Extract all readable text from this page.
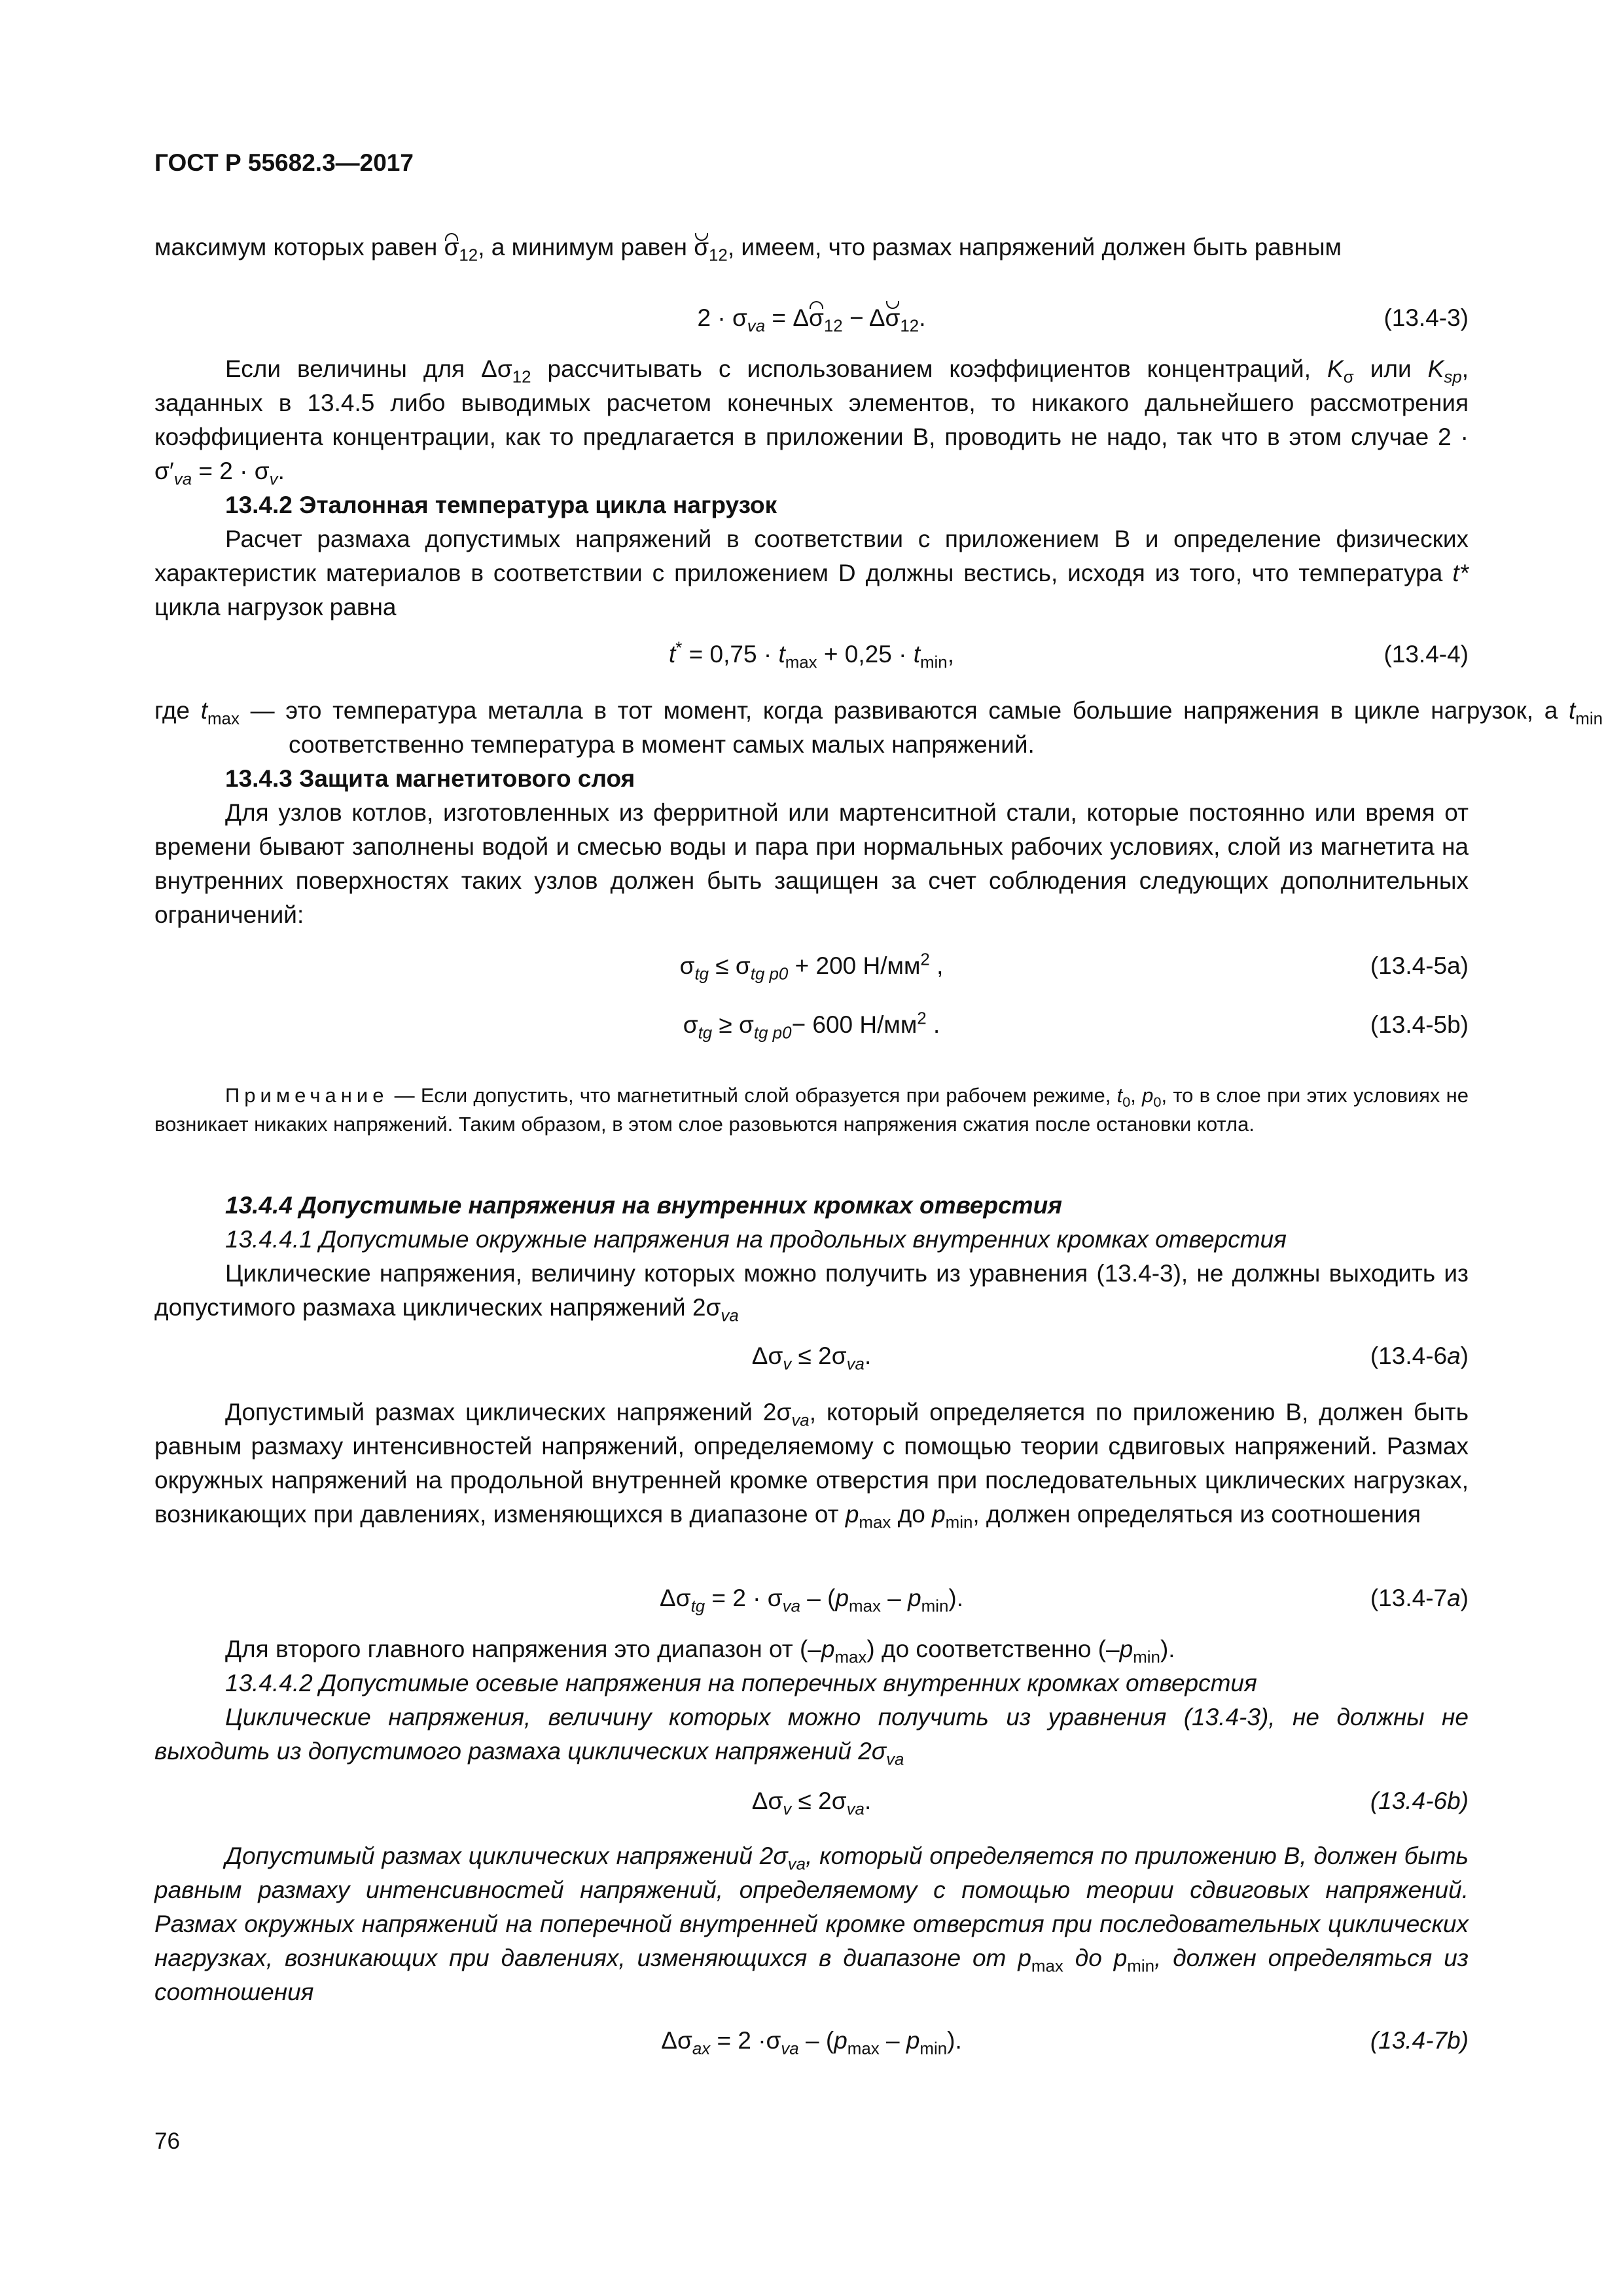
ГОСТ Р 55682.3—2017

максимум которых равен $\sigma_{12}$, а минимум равен $\sigma_{12}$, имеем, что размах напряжений должен быть равным

$2 \cdot \sigma_{va} = \Delta\sigma_{12} - \Delta\sigma_{12}$.	(13.4-3)

Если величины для $\Delta\sigma_{12}$ рассчитывать с использованием коэффициентов концентраций, $K_\sigma$ или $K_{sp}$, заданных в 13.4.5 либо выводимых расчетом конечных элементов, то никакого дальнейшего рассмотрения коэффициента концентрации, как то предлагается в приложении B, проводить не надо, так что в этом случае $2 \cdot \sigma'_{va} = 2 \cdot \sigma_v$.

13.4.2 Эталонная температура цикла нагрузок

Расчет размаха допустимых напряжений в соответствии с приложением B и определение физических характеристик материалов в соответствии с приложением D должны вестись, исходя из того, что температура t* цикла нагрузок равна

$t^* = 0,75 \cdot t_{max} + 0,25 \cdot t_{min}$,	(13.4-4)

где $t_{max}$ — это температура металла в тот момент, когда развиваются самые большие напряжения в цикле нагрузок, а $t_{min}$ соответственно температура в момент самых малых напряжений.

13.4.3 Защита магнетитового слоя

Для узлов котлов, изготовленных из ферритной или мартенситной стали, которые постоянно или время от времени бывают заполнены водой и смесью воды и пара при нормальных рабочих условиях, слой из магнетита на внутренних поверхностях таких узлов должен быть защищен за счет соблюдения следующих дополнительных ограничений:

$\sigma_{tg} \le \sigma_{tg p0} + 200$ $Н/мм^2$ ,	(13.4-5a)
$\sigma_{tg} \ge \sigma_{tg p0}- 600$ $Н/мм^2$ .	(13.4-5b)

Примечание — Если допустить, что магнетитный слой образуется при рабочем режиме, $t_0$, $p_0$, то в слое при этих условиях не возникает никаких напряжений. Таким образом, в этом слое разовьются напряжения сжатия после остановки котла.

13.4.4 Допустимые напряжения на внутренних кромках отверстия

13.4.4.1 Допустимые окружные напряжения на продольных внутренних кромках отверстия

Циклические напряжения, величину которых можно получить из уравнения (13.4-3), не должны выходить из допустимого размаха циклических напряжений $2\sigma_{va}$

$\Delta\sigma_v \le 2\sigma_{va}$.	(13.4-6a)

Допустимый размах циклических напряжений $2\sigma_{va}$, который определяется по приложению B, должен быть равным размаху интенсивностей напряжений, определяемому с помощью теории сдвиговых напряжений. Размах окружных напряжений на продольной внутренней кромке отверстия при последовательных циклических нагрузках, возникающих при давлениях, изменяющихся в диапазоне от $p_{max}$ до $p_{min}$, должен определяться из соотношения

$\Delta\sigma_{tg} = 2 \cdot \sigma_{va} - (p_{max} - p_{min})$.	(13.4-7a)

Для второго главного напряжения это диапазон от $(-p_{max})$ до соответственно $(-p_{min})$.

13.4.4.2 Допустимые осевые напряжения на поперечных внутренних кромках отверстия

Циклические напряжения, величину которых можно получить из уравнения (13.4-3), не должны не выходить из допустимого размаха циклических напряжений $2\sigma_{va}$

$\Delta\sigma_v \le 2\sigma_{va}$.	(13.4-6b)

Допустимый размах циклических напряжений $2\sigma_{va}$, который определяется по приложению B, должен быть равным размаху интенсивностей напряжений, определяемому с помощью теории сдвиговых напряжений. Размах окружных напряжений на поперечной внутренней кромке отверстия при последовательных циклических нагрузках, возникающих при давлениях, изменяющихся в диапазоне от $p_{max}$ до $p_{min}$, должен определяться из соотношения

$\Delta\sigma_{ax} = 2 \cdot\sigma_{va} - (p_{max} - p_{min})$.	(13.4-7b)
76
